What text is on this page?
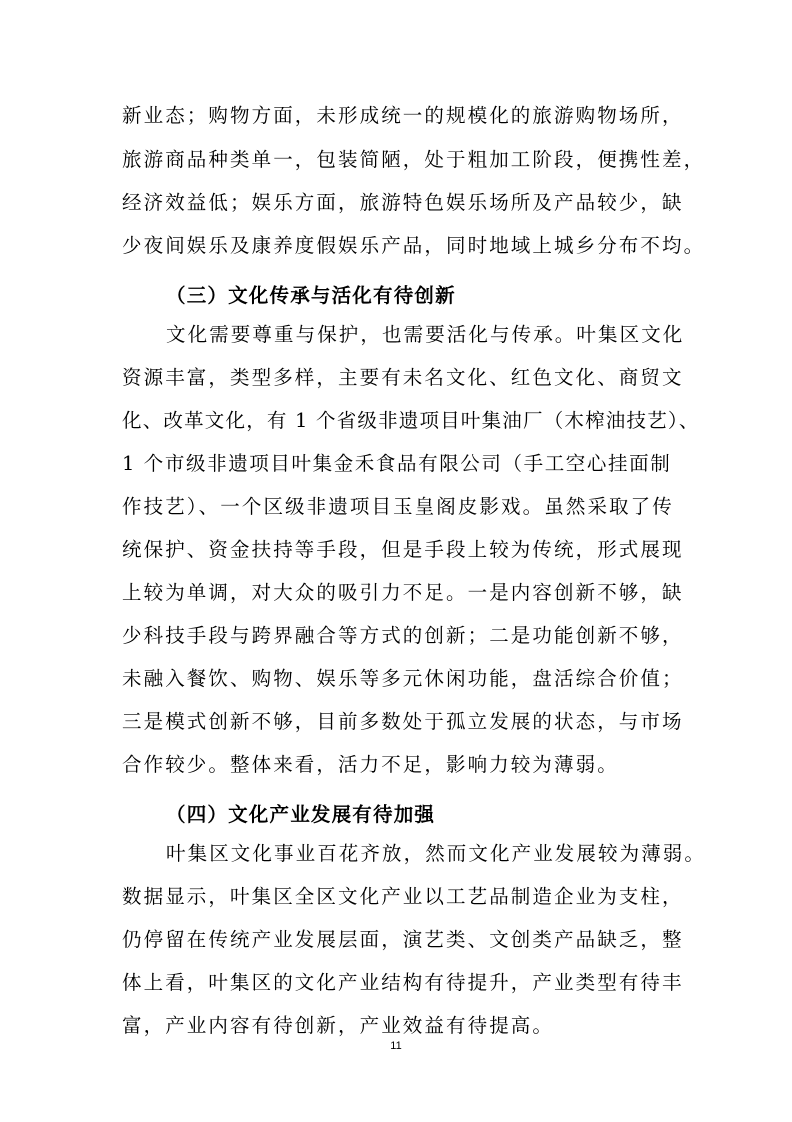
新业态；购物方面，未形成统一的规模化的旅游购物场所，
旅游商品种类单一，包装简陋，处于粗加工阶段，便携性差，
经济效益低；娱乐方面，旅游特色娱乐场所及产品较少，缺
少夜间娱乐及康养度假娱乐产品，同时地域上城乡分布不均。
（三）文化传承与活化有待创新
文化需要尊重与保护，也需要活化与传承。叶集区文化
资源丰富，类型多样，主要有未名文化、红色文化、商贸文
化、改革文化，有 1 个省级非遗项目叶集油厂（木榨油技艺）、
1 个市级非遗项目叶集金禾食品有限公司（手工空心挂面制
作技艺）、一个区级非遗项目玉皇阁皮影戏。虽然采取了传
统保护、资金扶持等手段，但是手段上较为传统，形式展现
上较为单调，对大众的吸引力不足。一是内容创新不够，缺
少科技手段与跨界融合等方式的创新；二是功能创新不够，
未融入餐饮、购物、娱乐等多元休闲功能，盘活综合价值；
三是模式创新不够，目前多数处于孤立发展的状态，与市场
合作较少。整体来看，活力不足，影响力较为薄弱。
（四）文化产业发展有待加强
叶集区文化事业百花齐放，然而文化产业发展较为薄弱。
数据显示，叶集区全区文化产业以工艺品制造企业为支柱，
仍停留在传统产业发展层面，演艺类、文创类产品缺乏，整
体上看，叶集区的文化产业结构有待提升，产业类型有待丰
富，产业内容有待创新，产业效益有待提高。
11
